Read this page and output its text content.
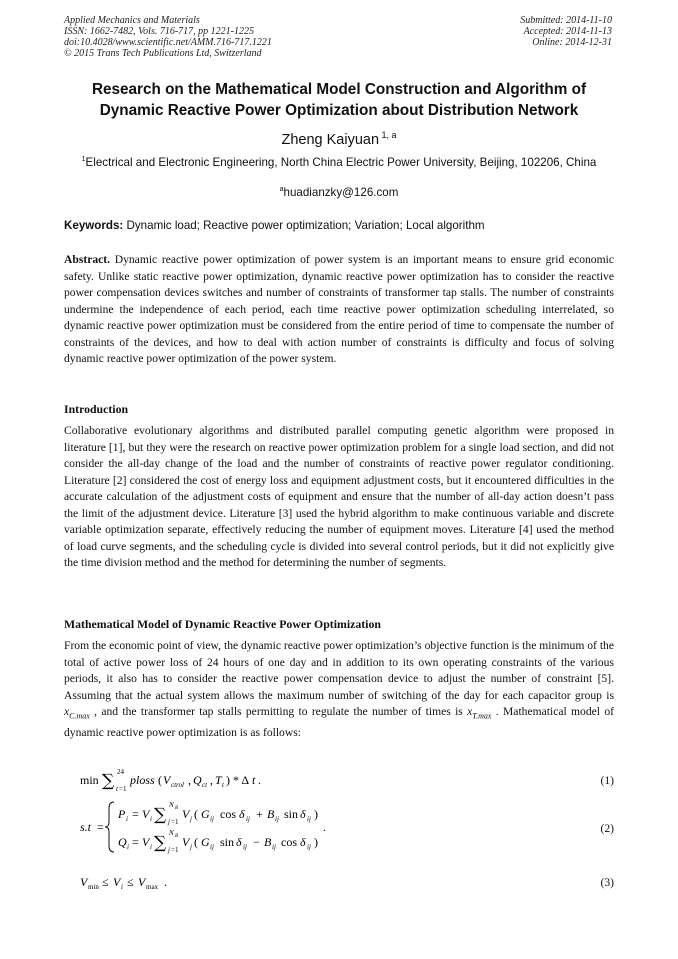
Applied Mechanics and Materials
ISSN: 1662-7482, Vols. 716-717, pp 1221-1225
doi:10.4028/www.scientific.net/AMM.716-717.1221
© 2015 Trans Tech Publications Ltd, Switzerland
Submitted: 2014-11-10
Accepted: 2014-11-13
Online: 2014-12-31
Research on the Mathematical Model Construction and Algorithm of
Dynamic Reactive Power Optimization about Distribution Network
Zheng Kaiyuan $^{1, a}$
$^1$Electrical and Electronic Engineering, North China Electric Power University, Beijing, 102206, China
$^a$huadianzky@126.com
Keywords: Dynamic load; Reactive power optimization; Variation; Local algorithm
Abstract. Dynamic reactive power optimization of power system is an important means to ensure grid economic safety. Unlike static reactive power optimization, dynamic reactive power optimization has to consider the reactive power compensation devices switches and number of constraints of transformer tap stalls. The number of constraints undermine the independence of each period, each time reactive power optimization scheduling interrelated, so dynamic reactive power optimization must be considered from the entire period of time to compensate the number of constraints of the devices, and how to deal with action number of constraints is difficulty and focus of solving dynamic reactive power optimization of the power system.
Introduction
Collaborative evolutionary algorithms and distributed parallel computing genetic algorithm were proposed in literature [1], but they were the research on reactive power optimization problem for a single load section, and did not consider the all-day change of the load and the number of constraints of reactive power regulator conditioning. Literature [2] considered the cost of energy loss and equipment adjustment costs, but it encountered difficulties in the accurate calculation of the adjustment costs of equipment and ensure that the number of all-day action doesn’t pass the limit of the adjustment device. Literature [3] used the hybrid algorithm to make continuous variable and discrete variable optimization separate, effectively reducing the number of equipment moves. Literature [4] used the method of load curve segments, and the scheduling cycle is divided into several control periods, but it did not explicitly give the time division method and the method for determining the number of segments.
Mathematical Model of Dynamic Reactive Power Optimization
From the economic point of view, the dynamic reactive power optimization’s objective function is the minimum of the total of active power loss of 24 hours of one day and in addition to its own operating constraints of the various periods, it also has to consider the reactive power compensation device to adjust the number of constraint [5]. Assuming that the actual system allows the maximum number of switching of the day for each capacitor group is $x_{C.max}$ , and the transformer tap stalls permitting to regulate the number of times is $x_{T.max}$ . Mathematical model of dynamic reactive power optimization is as follows:
min ∑ 24
t =1
ploss ( V ctrol , Q ct , T t ) * Δ t .	(1)
s.t =
P i = V i ∑ N B
j =1
V j ( G ij cos δ ij + B ij sin δ ij )
Q i = V i ∑ N B
j =1
V j ( G ij sin δ ij − B ij cos δ ij )
.	(2)
V min ≤ V i ≤ V max .	(3)
